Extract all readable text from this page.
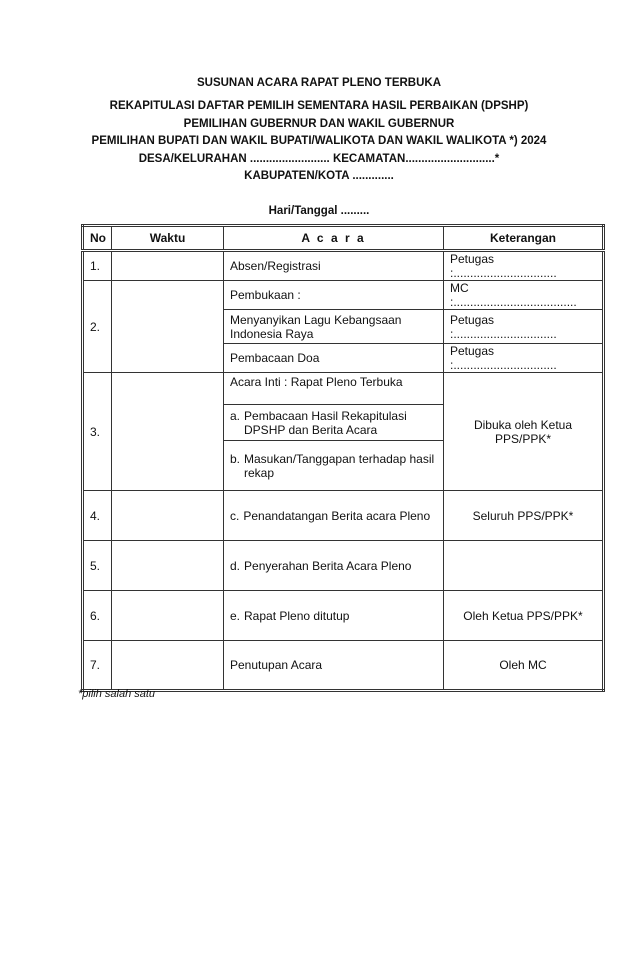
SUSUNAN ACARA RAPAT PLENO TERBUKA
REKAPITULASI DAFTAR PEMILIH SEMENTARA HASIL PERBAIKAN (DPSHP)
PEMILIHAN GUBERNUR DAN WAKIL GUBERNUR
PEMILIHAN BUPATI DAN WAKIL BUPATI/WALIKOTA DAN WAKIL WALIKOTA *) 2024
DESA/KELURAHAN ......................... KECAMATAN............................*
KABUPATEN/KOTA .............
Hari/Tanggal .........
No	Waktu	A c a r a	Keterangan
1.		Absen/Registrasi	Petugas :...............................
2.		Pembukaan :	MC :.....................................
		Menyanyikan Lagu Kebangsaan Indonesia Raya	Petugas :...............................
		Pembacaan Doa	Petugas :...............................
3.		Acara Inti : Rapat Pleno Terbuka	Dibuka oleh Ketua PPS/PPK*

		a. Pembacaan Hasil Rekapitulasi DPSHP dan Berita Acara	

		b. Masukan/Tanggapan terhadap hasil rekap	

4.		c. Penandatangan Berita acara Pleno	Seluruh PPS/PPK*
5.		d. Penyerahan Berita Acara Pleno	

6.		e. Rapat Pleno ditutup	Oleh Ketua PPS/PPK*
7.		Penutupan Acara	Oleh MC
*pilih salah satu
